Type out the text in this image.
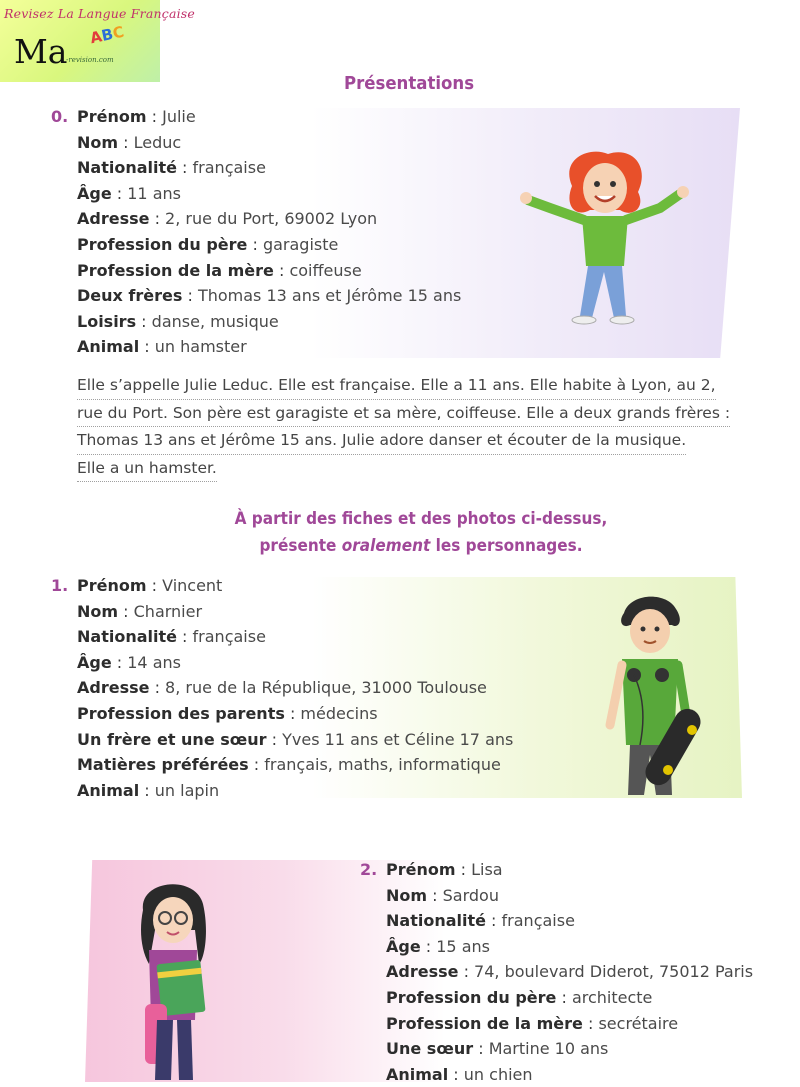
Revisez La Langue Française
Ma ABC
-revision.com
Présentations
0. Prénom : Julie
Nom : Leduc
Nationalité : française
Âge : 11 ans
Adresse : 2, rue du Port, 69002 Lyon
Profession du père : garagiste
Profession de la mère : coiffeuse
Deux frères : Thomas 13 ans et Jérôme 15 ans
Loisirs : danse, musique
Animal : un hamster
Elle s’appelle Julie Leduc. Elle est française. Elle a 11 ans. Elle habite à Lyon, au 2,
rue du Port. Son père est garagiste et sa mère, coiffeuse. Elle a deux grands frères :
Thomas 13 ans et Jérôme 15 ans. Julie adore danser et écouter de la musique.
Elle a un hamster.
À partir des fiches et des photos ci-dessus,
présente oralement les personnages.
1. Prénom : Vincent
Nom : Charnier
Nationalité : française
Âge : 14 ans
Adresse : 8, rue de la République, 31000 Toulouse
Profession des parents : médecins
Un frère et une sœur : Yves 11 ans et Céline 17 ans
Matières préférées : français, maths, informatique
Animal : un lapin
2. Prénom : Lisa
Nom : Sardou
Nationalité : française
Âge : 15 ans
Adresse : 74, boulevard Diderot, 75012 Paris
Profession du père : architecte
Profession de la mère : secrétaire
Une sœur : Martine 10 ans
Animal : un chien
